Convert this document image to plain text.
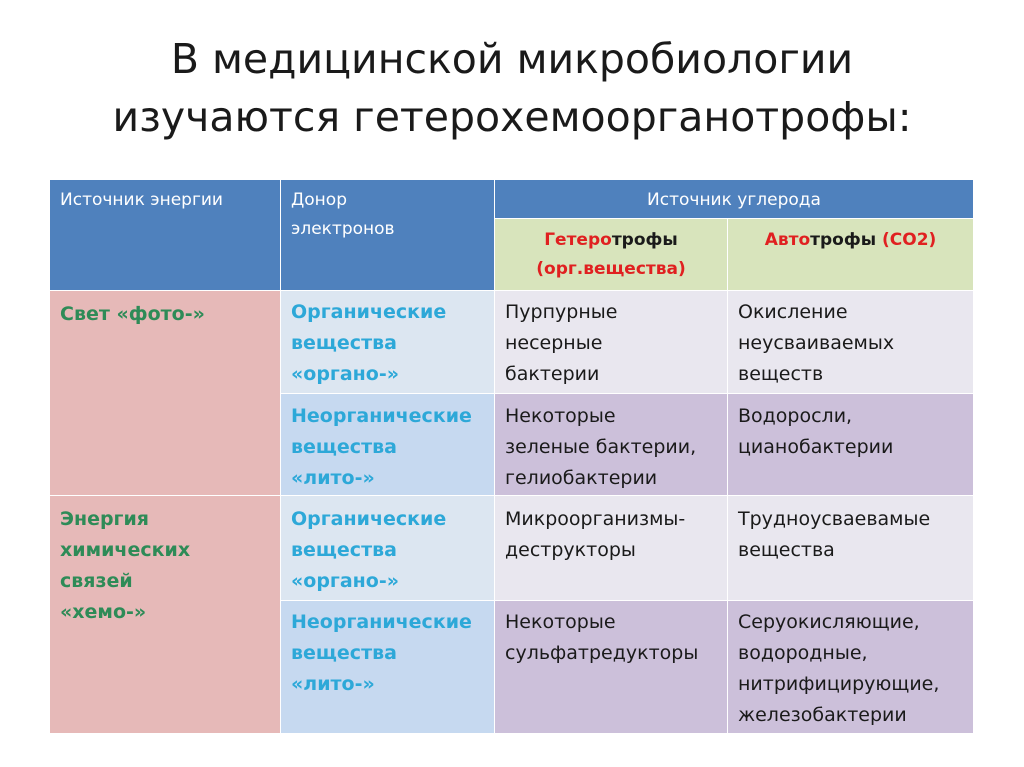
В медицинской микробиологии
изучаются гетерохемоорганотрофы:
Источник энергии	Донор
электронов
Источник углерода
Гетеротрофы
(орг.вещества)
Автотрофы (СО2)
Свет «фото-»	Органические
вещества
«органо-»
Пурпурные
несерные
бактерии
Окисление
неусваиваемых
веществ
Неорганические
вещества
«лито-»
Некоторые
зеленые бактерии,
гелиобактерии
Водоросли,
цианобактерии
Энергия
химических
связей
«хемо-»
Органические
вещества
«органо-»
Микроорганизмы-
деструкторы
Трудноусваевамые
вещества
Неорганические
вещества
«лито-»
Некоторые
сульфатредукторы
Серуокисляющие,
водородные,
нитрифицирующие,
железобактерии
